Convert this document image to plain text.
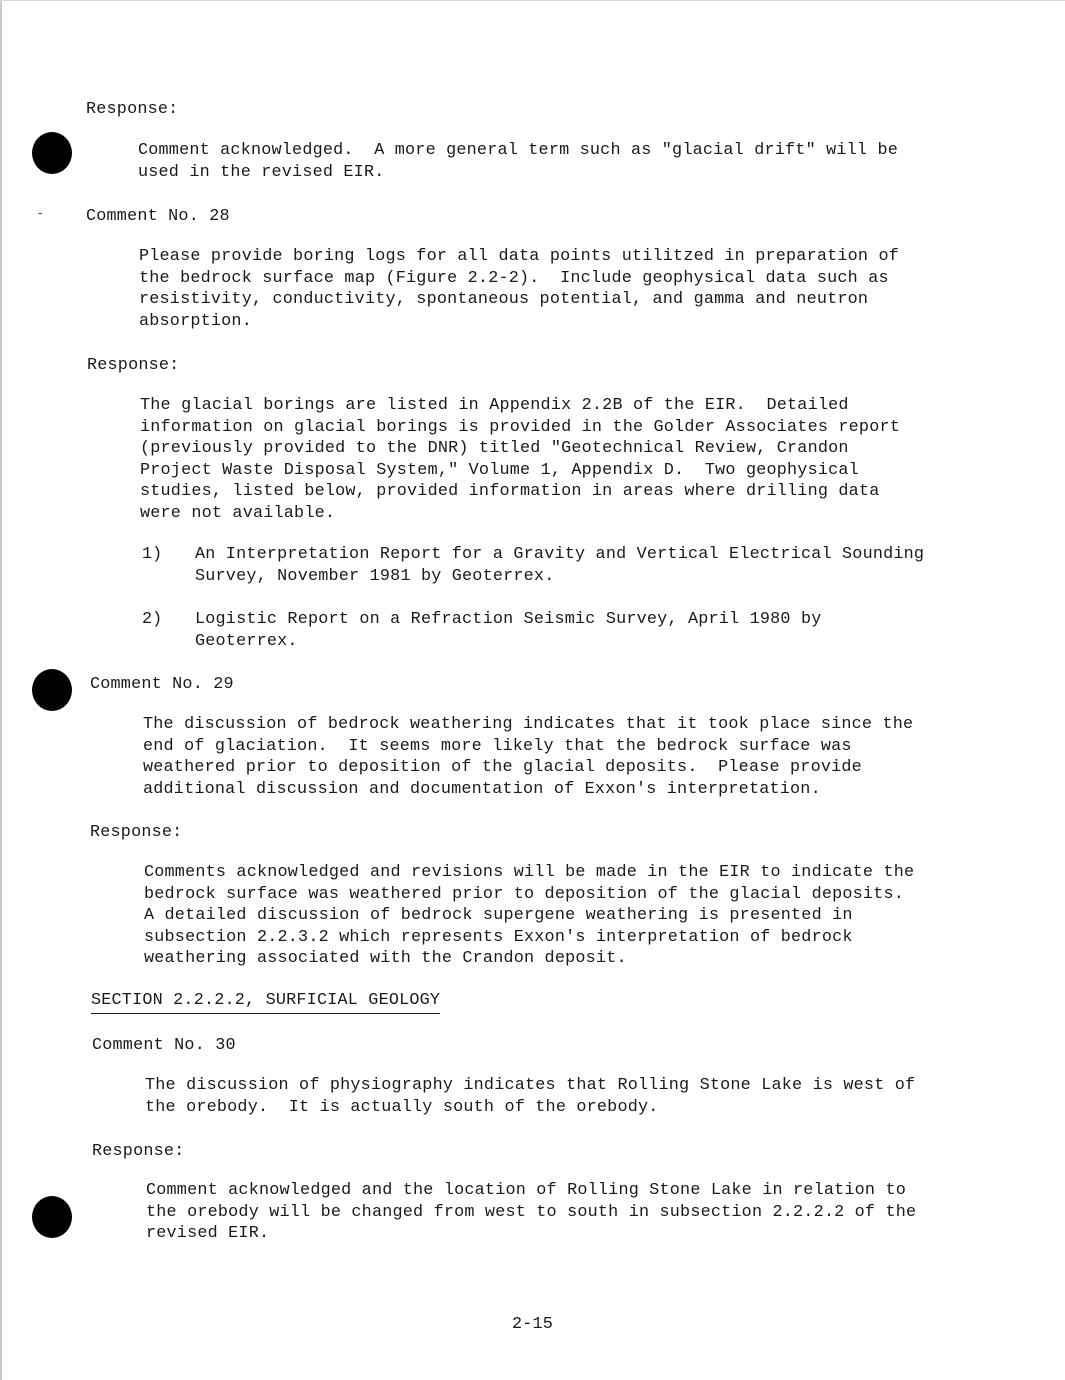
-

Response:

Comment acknowledged.  A more general term such as "glacial drift" will be
used in the revised EIR.

Comment No. 28

Please provide boring logs for all data points utilitzed in preparation of
the bedrock surface map (Figure 2.2-2).  Include geophysical data such as
resistivity, conductivity, spontaneous potential, and gamma and neutron
absorption.

Response:

The glacial borings are listed in Appendix 2.2B of the EIR.  Detailed
information on glacial borings is provided in the Golder Associates report
(previously provided to the DNR) titled "Geotechnical Review, Crandon
Project Waste Disposal System," Volume 1, Appendix D.  Two geophysical
studies, listed below, provided information in areas where drilling data
were not available.

1) An Interpretation Report for a Gravity and Vertical Electrical Sounding
Survey, November 1981 by Geoterrex.

2) Logistic Report on a Refraction Seismic Survey, April 1980 by
Geoterrex.

Comment No. 29

The discussion of bedrock weathering indicates that it took place since the
end of glaciation.  It seems more likely that the bedrock surface was
weathered prior to deposition of the glacial deposits.  Please provide
additional discussion and documentation of Exxon's interpretation.

Response:

Comments acknowledged and revisions will be made in the EIR to indicate the
bedrock surface was weathered prior to deposition of the glacial deposits.
A detailed discussion of bedrock supergene weathering is presented in
subsection 2.2.3.2 which represents Exxon's interpretation of bedrock
weathering associated with the Crandon deposit.

SECTION 2.2.2.2, SURFICIAL GEOLOGY

Comment No. 30

The discussion of physiography indicates that Rolling Stone Lake is west of
the orebody.  It is actually south of the orebody.

Response:

Comment acknowledged and the location of Rolling Stone Lake in relation to
the orebody will be changed from west to south in subsection 2.2.2.2 of the
revised EIR.

2-15
